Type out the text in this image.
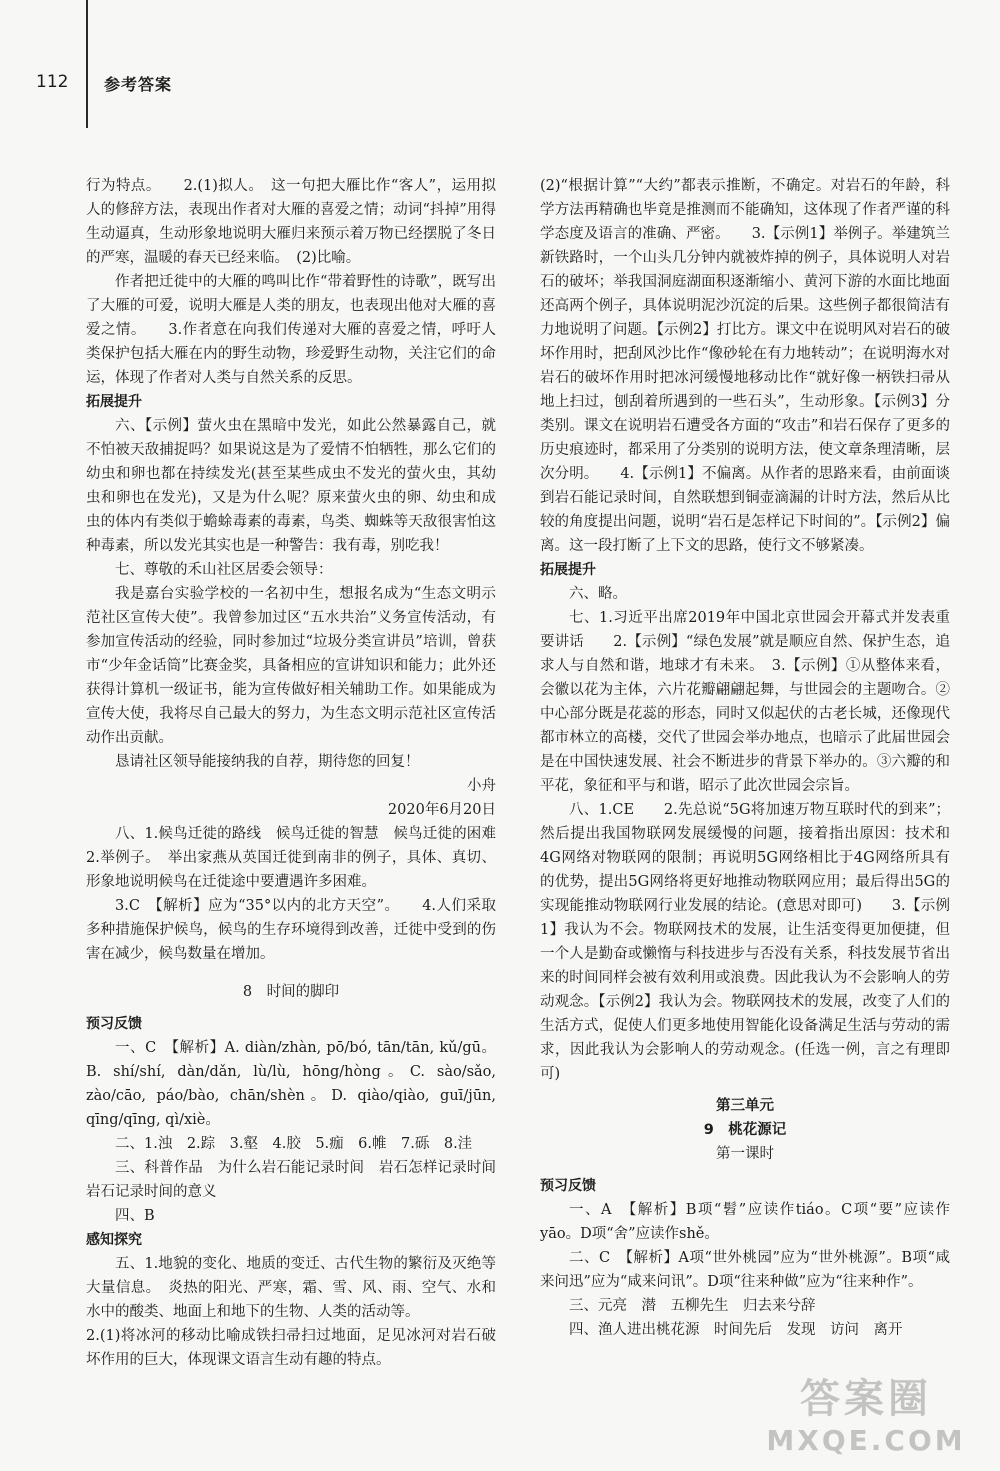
112 参考答案

行为特点。　　2.(1)拟人。　这一句把大雁比作“客人”，运用拟人的修辞方法，表现出作者对大雁的喜爱之情；动词“抖掉”用得生动逼真，生动形象地说明大雁归来预示着万物已经摆脱了冬日的严寒，温暖的春天已经来临。　(2)比喻。

作者把迁徙中的大雁的鸣叫比作“带着野性的诗歌”，既写出了大雁的可爱，说明大雁是人类的朋友，也表现出他对大雁的喜爱之情。　　3.作者意在向我们传递对大雁的喜爱之情，呼吁人类保护包括大雁在内的野生动物，珍爱野生动物，关注它们的命运，体现了作者对人类与自然关系的反思。

拓展提升

六、【示例】萤火虫在黑暗中发光，如此公然暴露自己，就不怕被天敌捕捉吗？如果说这是为了爱情不怕牺牲，那么它们的幼虫和卵也都在持续发光(甚至某些成虫不发光的萤火虫，其幼虫和卵也在发光)，又是为什么呢？原来萤火虫的卵、幼虫和成虫的体内有类似于蟾蜍毒素的毒素，鸟类、蜘蛛等天敌很害怕这种毒素，所以发光其实也是一种警告：我有毒，别吃我！

七、尊敬的禾山社区居委会领导：

我是嘉台实验学校的一名初中生，想报名成为“生态文明示范社区宣传大使”。我曾参加过区“五水共治”义务宣传活动，有参加宣传活动的经验，同时参加过“垃圾分类宣讲员”培训，曾获市“少年金话筒”比赛金奖，具备相应的宣讲知识和能力；此外还获得计算机一级证书，能为宣传做好相关辅助工作。如果能成为宣传大使，我将尽自己最大的努力，为生态文明示范社区宣传活动作出贡献。

恳请社区领导能接纳我的自荐，期待您的回复！

小舟

2020年6月20日

八、1.候鸟迁徙的路线　候鸟迁徙的智慧　候鸟迁徙的困难　　2.举例子。　举出家燕从英国迁徙到南非的例子，具体、真切、形象地说明候鸟在迁徙途中要遭遇许多困难。

3.C　【解析】应为“35°以内的北方天空”。　　4.人们采取多种措施保护候鸟，候鸟的生存环境得到改善，迁徙中受到的伤害在减少，候鸟数量在增加。

8　时间的脚印

预习反馈

一、C　【解析】A. diàn/zhàn, pō/bó, tān/tān, kǔ/gū。B. shí/shí, dàn/dǎn, lù/lù, hōng/hòng。C. sào/sǎo, zào/cāo, páo/bào, chān/shèn。D. qiào/qiào, guī/jūn, qīng/qīng, qì/xiè。

二、1.浊　2.踪　3.壑　4.胶　5.痂　6.帷　7.砾　8.洼

三、科普作品　为什么岩石能记录时间　岩石怎样记录时间　岩石记录时间的意义

四、B

感知探究

五、1.地貌的变化、地质的变迁、古代生物的繁衍及灭绝等大量信息。　炎热的阳光、严寒，霜、雪、风、雨、空气、水和水中的酸类、地面上和地下的生物、人类的活动等。

2.(1)将冰河的移动比喻成铁扫帚扫过地面，足见冰河对岩石破坏作用的巨大，体现课文语言生动有趣的特点。

(2)“根据计算”“大约”都表示推断，不确定。对岩石的年龄，科学方法再精确也毕竟是推测而不能确知，这体现了作者严谨的科学态度及语言的准确、严密。　　3.【示例1】举例子。举建筑兰新铁路时，一个山头几分钟内就被炸掉的例子，具体说明人对岩石的破坏；举我国洞庭湖面积逐渐缩小、黄河下游的水面比地面还高两个例子，具体说明泥沙沉淀的后果。这些例子都很简洁有力地说明了问题。【示例2】打比方。课文中在说明风对岩石的破坏作用时，把刮风沙比作“像砂轮在有力地转动”；在说明海水对岩石的破坏作用时把冰河缓慢地移动比作“就好像一柄铁扫帚从地上扫过，刨刮着所遇到的一些石头”，生动形象。【示例3】分类别。课文在说明岩石遭受各方面的“攻击”和岩石保存了更多的历史痕迹时，都采用了分类别的说明方法，使文章条理清晰，层次分明。　　4.【示例1】不偏离。从作者的思路来看，由前面谈到岩石能记录时间，自然联想到铜壶滴漏的计时方法，然后从比较的角度提出问题，说明“岩石是怎样记下时间的”。【示例2】偏离。这一段打断了上下文的思路，使行文不够紧凑。

拓展提升

六、略。

七、1.习近平出席2019年中国北京世园会开幕式并发表重要讲话　　2.【示例】“绿色发展”就是顺应自然、保护生态，追求人与自然和谐，地球才有未来。　3.【示例】①从整体来看，会徽以花为主体，六片花瓣翩翩起舞，与世园会的主题吻合。②中心部分既是花蕊的形态，同时又似起伏的古老长城，还像现代都市林立的高楼，交代了世园会举办地点，也暗示了此届世园会是在中国快速发展、社会不断进步的背景下举办的。③六瓣的和平花，象征和平与和谐，昭示了此次世园会宗旨。

八、1.CE　　2.先总说“5G将加速万物互联时代的到来”；然后提出我国物联网发展缓慢的问题，接着指出原因：技术和4G网络对物联网的限制；再说明5G网络相比于4G网络所具有的优势，提出5G网络将更好地推动物联网应用；最后得出5G的实现能推动物联网行业发展的结论。(意思对即可)　　3.【示例1】我认为不会。物联网技术的发展，让生活变得更加便捷，但一个人是勤奋或懒惰与科技进步与否没有关系，科技发展节省出来的时间同样会被有效利用或浪费。因此我认为不会影响人的劳动观念。【示例2】我认为会。物联网技术的发展，改变了人们的生活方式，促使人们更多地使用智能化设备满足生活与劳动的需求，因此我认为会影响人的劳动观念。(任选一例，言之有理即可)

第三单元

9　桃花源记

第一课时

预习反馈

一、A　【解析】B项“髫”应读作tiáo。C项“要”应读作yāo。D项“舍”应读作shě。

二、C　【解析】A项“世外桃园”应为“世外桃源”。B项“咸来问迅”应为“咸来问讯”。D项“往来种做”应为“往来种作”。

三、元亮　潜　五柳先生　归去来兮辞

四、渔人进出桃花源　时间先后　发现　访问　离开

答案圈
MXQE.COM
